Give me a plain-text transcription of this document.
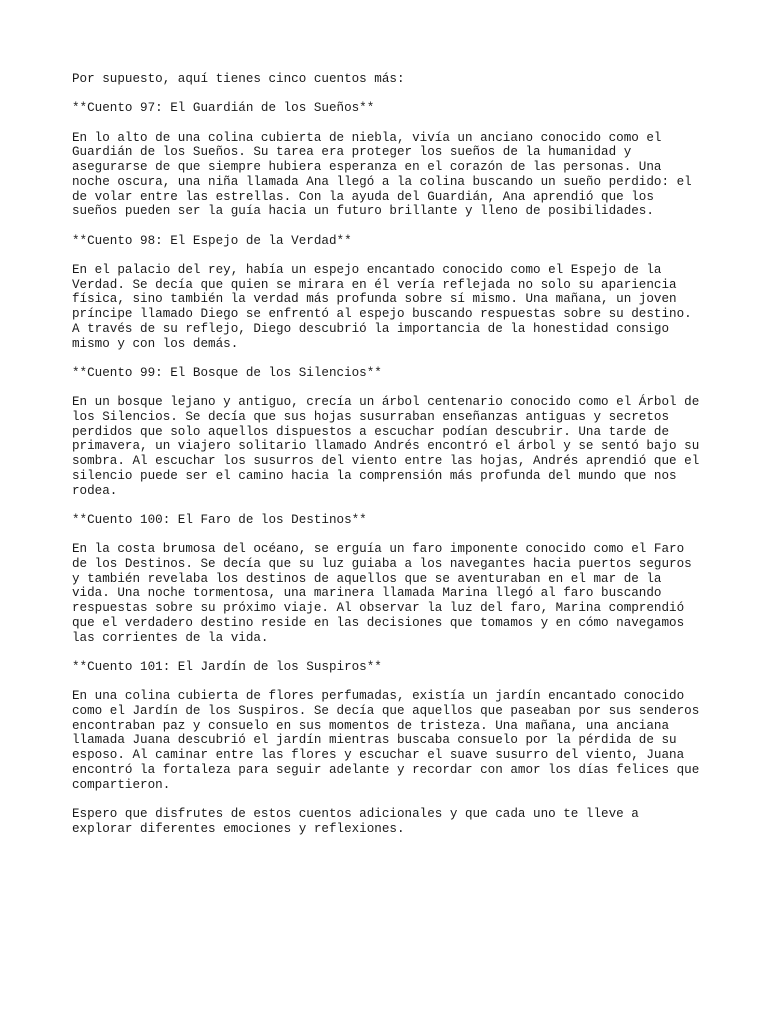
Por supuesto, aquí tienes cinco cuentos más:

**Cuento 97: El Guardián de los Sueños**

En lo alto de una colina cubierta de niebla, vivía un anciano conocido como el
Guardián de los Sueños. Su tarea era proteger los sueños de la humanidad y
asegurarse de que siempre hubiera esperanza en el corazón de las personas. Una
noche oscura, una niña llamada Ana llegó a la colina buscando un sueño perdido: el
de volar entre las estrellas. Con la ayuda del Guardián, Ana aprendió que los
sueños pueden ser la guía hacia un futuro brillante y lleno de posibilidades.

**Cuento 98: El Espejo de la Verdad**

En el palacio del rey, había un espejo encantado conocido como el Espejo de la
Verdad. Se decía que quien se mirara en él vería reflejada no solo su apariencia
física, sino también la verdad más profunda sobre sí mismo. Una mañana, un joven
príncipe llamado Diego se enfrentó al espejo buscando respuestas sobre su destino.
A través de su reflejo, Diego descubrió la importancia de la honestidad consigo
mismo y con los demás.

**Cuento 99: El Bosque de los Silencios**

En un bosque lejano y antiguo, crecía un árbol centenario conocido como el Árbol de
los Silencios. Se decía que sus hojas susurraban enseñanzas antiguas y secretos
perdidos que solo aquellos dispuestos a escuchar podían descubrir. Una tarde de
primavera, un viajero solitario llamado Andrés encontró el árbol y se sentó bajo su
sombra. Al escuchar los susurros del viento entre las hojas, Andrés aprendió que el
silencio puede ser el camino hacia la comprensión más profunda del mundo que nos
rodea.

**Cuento 100: El Faro de los Destinos**

En la costa brumosa del océano, se erguía un faro imponente conocido como el Faro
de los Destinos. Se decía que su luz guiaba a los navegantes hacia puertos seguros
y también revelaba los destinos de aquellos que se aventuraban en el mar de la
vida. Una noche tormentosa, una marinera llamada Marina llegó al faro buscando
respuestas sobre su próximo viaje. Al observar la luz del faro, Marina comprendió
que el verdadero destino reside en las decisiones que tomamos y en cómo navegamos
las corrientes de la vida.

**Cuento 101: El Jardín de los Suspiros**

En una colina cubierta de flores perfumadas, existía un jardín encantado conocido
como el Jardín de los Suspiros. Se decía que aquellos que paseaban por sus senderos
encontraban paz y consuelo en sus momentos de tristeza. Una mañana, una anciana
llamada Juana descubrió el jardín mientras buscaba consuelo por la pérdida de su
esposo. Al caminar entre las flores y escuchar el suave susurro del viento, Juana
encontró la fortaleza para seguir adelante y recordar con amor los días felices que
compartieron.

Espero que disfrutes de estos cuentos adicionales y que cada uno te lleve a
explorar diferentes emociones y reflexiones.
